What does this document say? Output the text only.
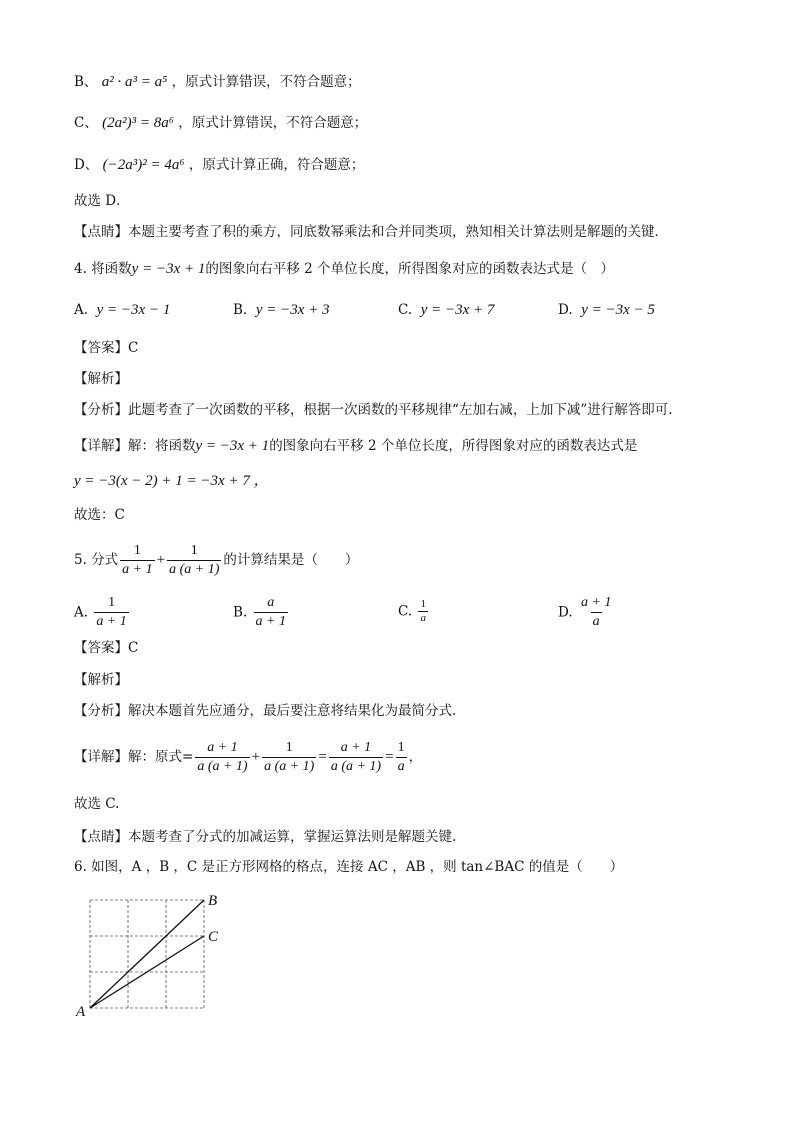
B、 a² · a³ = a⁵ ，原式计算错误，不符合题意；
C、 (2a²)³ = 8a⁶ ，原式计算错误，不符合题意；
D、 (−2a³)² = 4a⁶ ，原式计算正确，符合题意；
故选 D．
【点睛】本题主要考查了积的乘方，同底数幂乘法和合并同类项，熟知相关计算法则是解题的关键．
4. 将函数y = −3x + 1的图象向右平移 2 个单位长度，所得图象对应的函数表达式是（　）
A. y = −3x − 1	B. y = −3x + 3	C. y = −3x + 7	D. y = −3x − 5
【答案】C
【解析】
【分析】此题考查了一次函数的平移，根据一次函数的平移规律“左加右减，上加下减”进行解答即可.
【详解】解：将函数y = −3x + 1的图象向右平移 2 个单位长度，所得图象对应的函数表达式是
y = −3(x − 2) + 1 = −3x + 7 ，
故选：C
5. 分式 $\frac{1}{a + 1} + \frac{1}{a (a + 1)}$ 的计算结果是（　　）
A. $\frac{1}{a + 1}$	B. $\frac{a}{a + 1}$	C. $\frac{1}{a}$	D. $\frac{a + 1}{a}$
【答案】C
【解析】
【分析】解决本题首先应通分，最后要注意将结果化为最简分式.
【详解】解：原式= $\frac{a + 1}{a (a + 1)} + \frac{1}{a (a + 1)} = \frac{a + 1}{a (a + 1)} = \frac{1}{a}$ ，
故选 C.
【点睛】本题考查了分式的加减运算，掌握运算法则是解题关键.
6. 如图，A ，B ，C 是正方形网格的格点，连接 AC ，AB ，则 tan∠BAC 的值是（　　）
A
B
C
